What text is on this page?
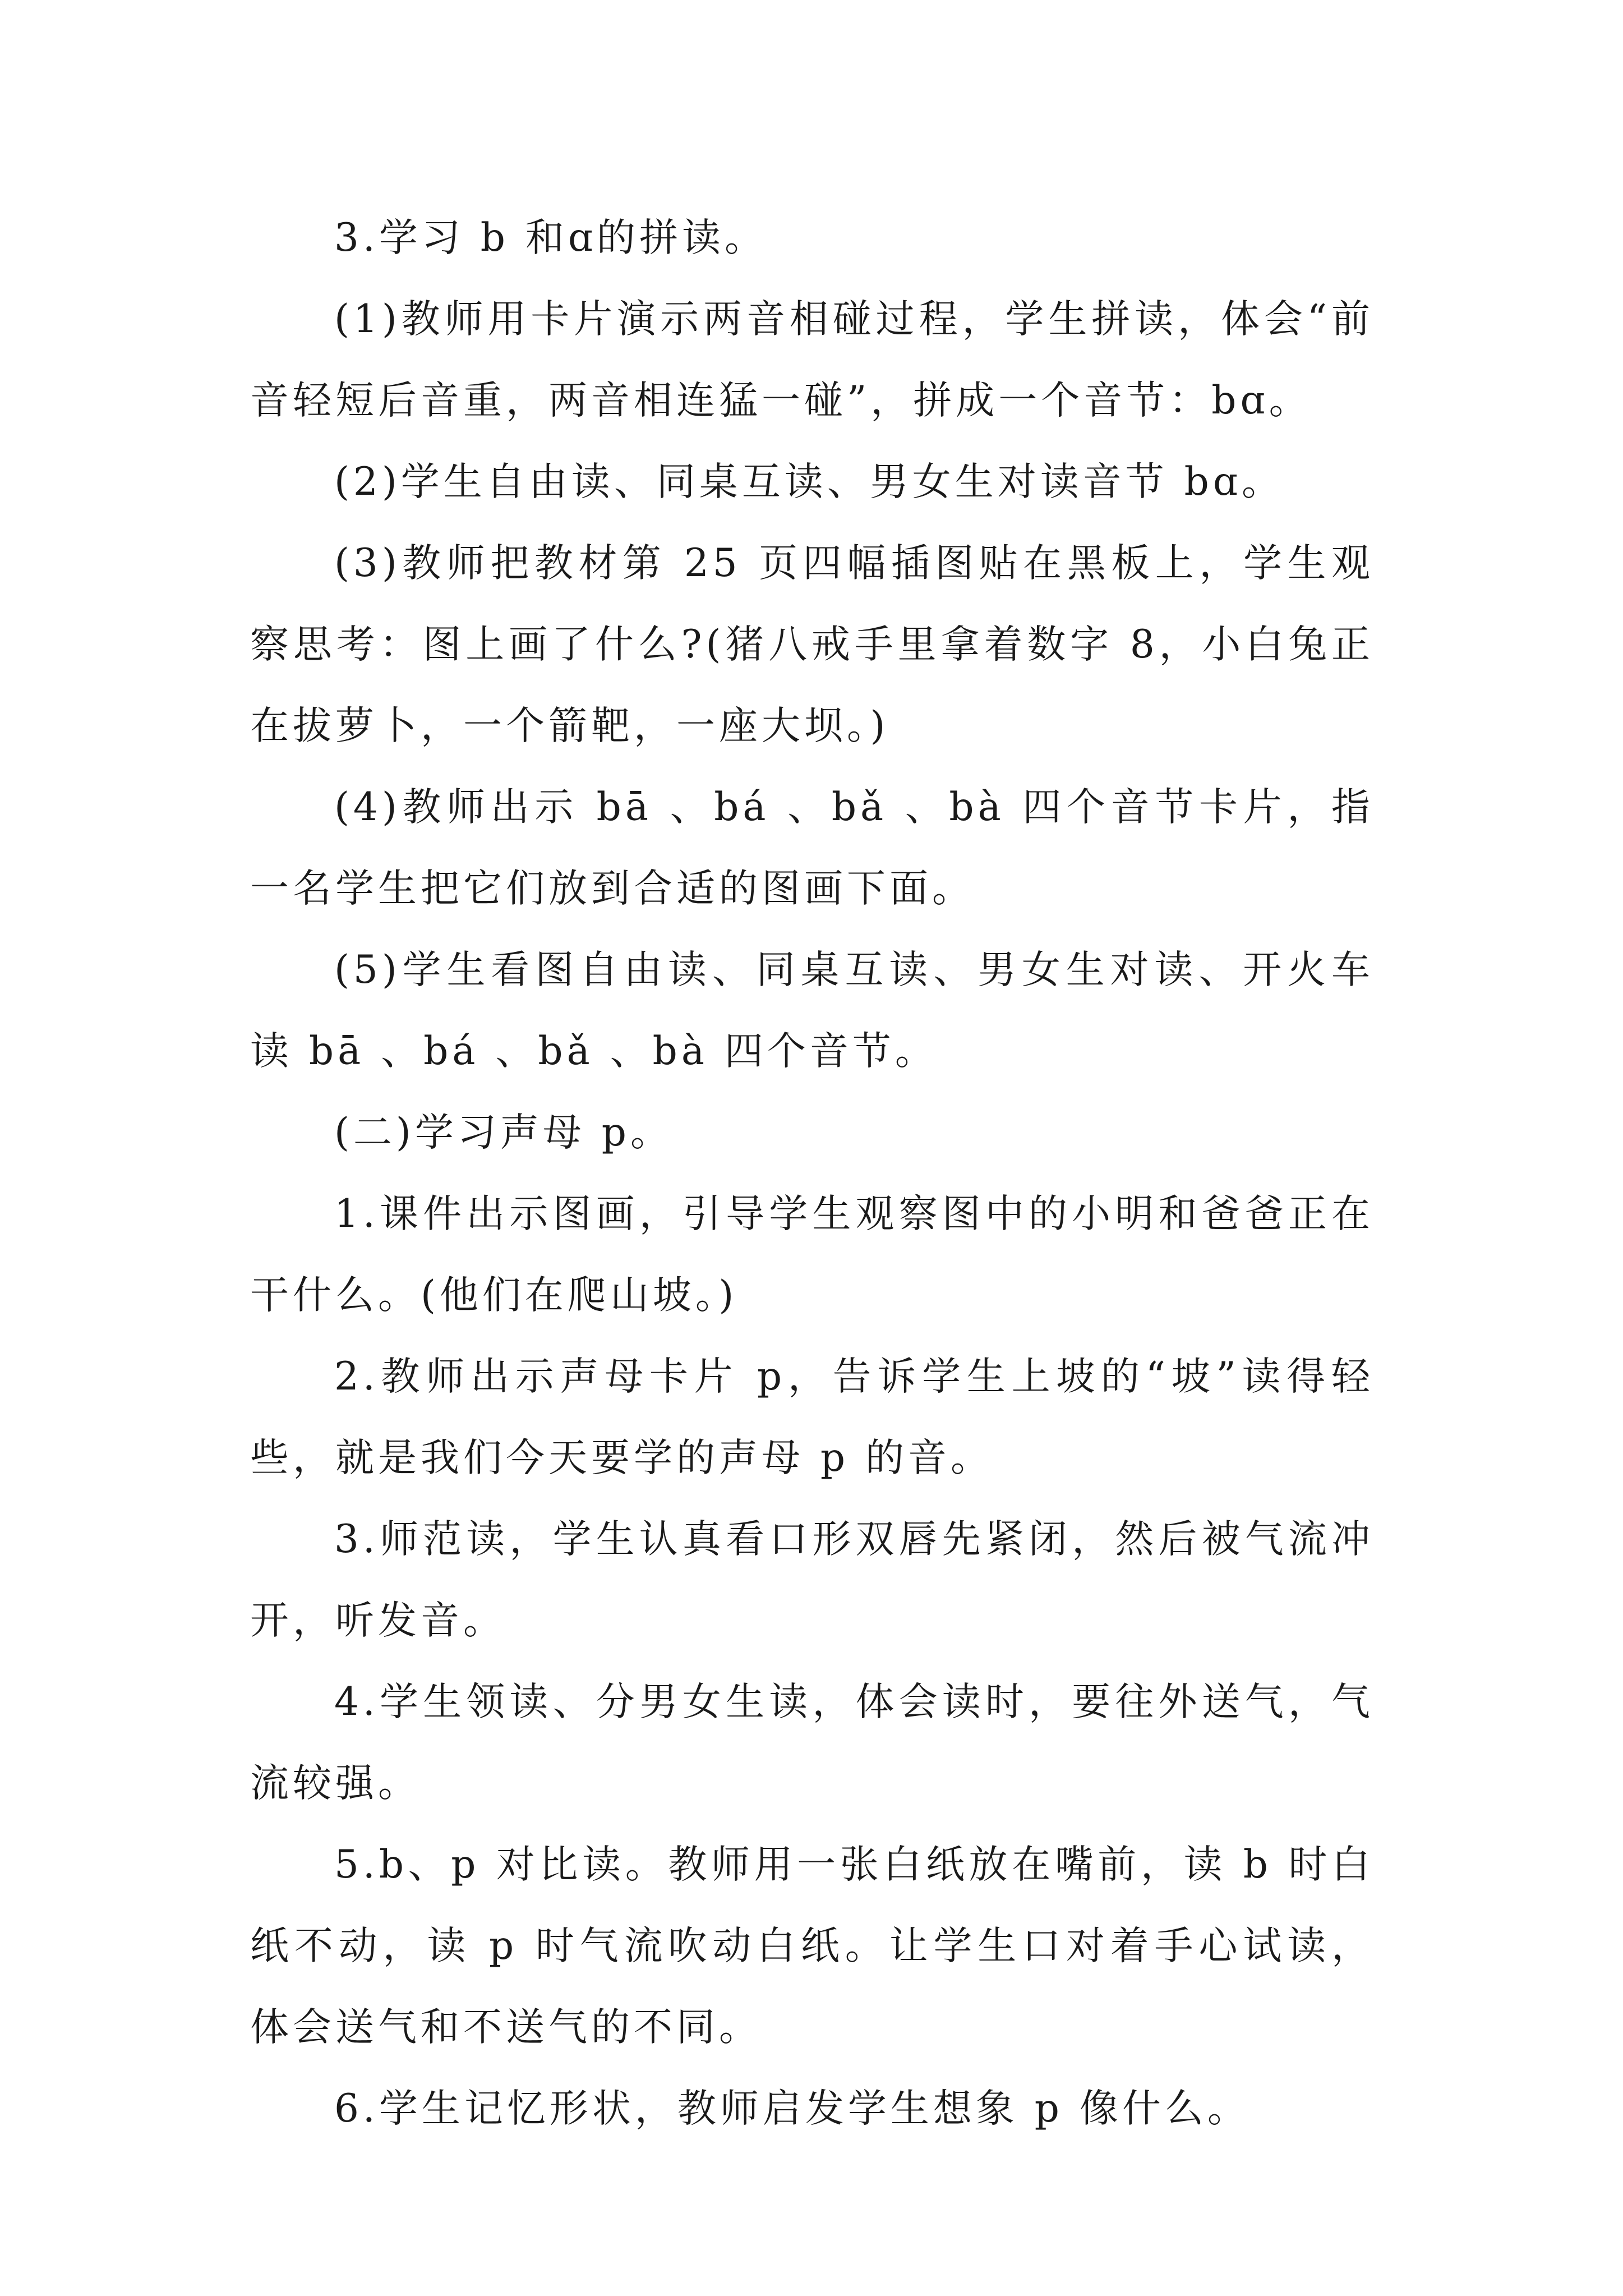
3.学习 b 和ɑ的拼读。

(1)教师用卡片演示两音相碰过程，学生拼读，体会“前音轻短后音重，两音相连猛一碰”，拼成一个音节：bɑ。

(2)学生自由读、同桌互读、男女生对读音节 bɑ。

(3)教师把教材第 25 页四幅插图贴在黑板上，学生观察思考：图上画了什么?(猪八戒手里拿着数字 8，小白兔正在拔萝卜，一个箭靶，一座大坝。)

(4)教师出示 bā 、bá 、bǎ 、bà 四个音节卡片，指一名学生把它们放到合适的图画下面。

(5)学生看图自由读、同桌互读、男女生对读、开火车读 bā 、bá 、bǎ 、bà 四个音节。

(二)学习声母 p。

1.课件出示图画，引导学生观察图中的小明和爸爸正在干什么。(他们在爬山坡。)

2.教师出示声母卡片 p，告诉学生上坡的“坡”读得轻些，就是我们今天要学的声母 p 的音。

3.师范读，学生认真看口形双唇先紧闭，然后被气流冲开，听发音。

4.学生领读、分男女生读，体会读时，要往外送气，气流较强。

5.b、p 对比读。教师用一张白纸放在嘴前，读 b 时白纸不动，读 p 时气流吹动白纸。让学生口对着手心试读，体会送气和不送气的不同。

6.学生记忆形状，教师启发学生想象 p 像什么。
